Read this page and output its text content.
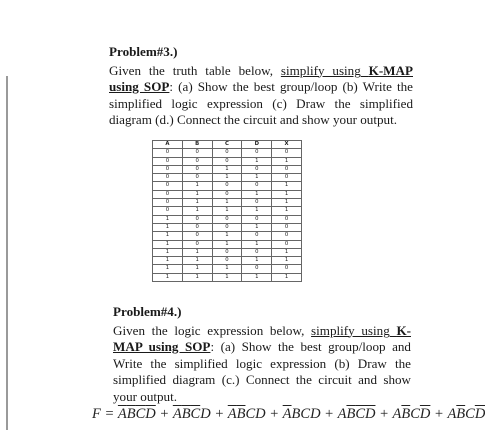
Problem#3.)

Given the truth table below, simplify using K-MAP using SOP: (a) Show the best group/loop (b) Write the simplified logic expression (c) Draw the simplified diagram (d.) Connect the circuit and show your output.

A	B	C	D	X
0	0	0	0	0
0	0	0	1	1
0	0	1	0	0
0	0	1	1	0
0	1	0	0	1
0	1	0	1	1
0	1	1	0	1
0	1	1	1	1
1	0	0	0	0
1	0	0	1	0
1	0	1	0	0
1	0	1	1	0
1	1	0	0	1
1	1	0	1	1
1	1	1	0	0
1	1	1	1	1
Problem#4.)

Given the logic expression below, simplify using K- MAP using SOP: (a) Show the best group/loop and Write the simplified logic expression (b) Draw the simplified diagram (c.) Connect the circuit and show your output.

$F = \overline{A}\overline{B}\overline{C}\overline{D} + \overline{A}\overline{B}\overline{C}D + \overline{A}\overline{B}CD + \overline{A}BCD + A\overline{B}\overline{C}\overline{D} + A\overline{B}C\overline{D} + A\overline{B}C\overline{D}$
